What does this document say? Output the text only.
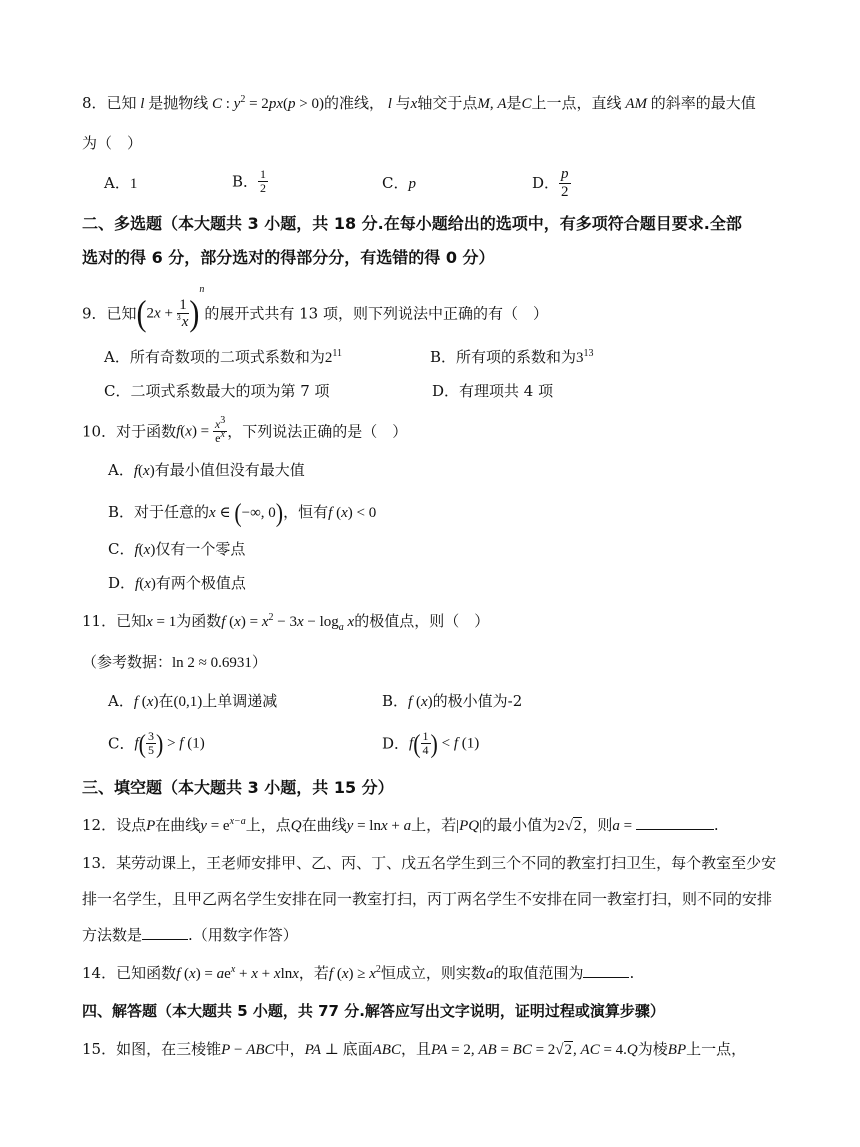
8．已知 l 是抛物线 C : $y^2 = 2px(p > 0)$的准线， l 与x轴交于点M, A是C上一点，直线 AM 的斜率的最大值
为（　）
A．1	B． $\frac{1}{2}$	C．p	D． $\frac{p}{2}$
二、多选题（本大题共 3 小题，共 18 分.在每小题给出的选项中，有多项符合题目要求.全部
选对的得 6 分，部分选对的得部分分，有选错的得 0 分）
9．已知$(2x + \frac{1}{^3x} )^n$的展开式共有 13 项，则下列说法中正确的有（　）
A．所有奇数项的二项式系数和为$2^{11}$	B．所有项的系数和为$3^{13}$
C．二项式系数最大的项为第 7 项	D．有理项共 4 项
10．对于函数$f(x) = \frac{x^3}{e^x}$ ，下列说法正确的是（　）
A．f(x)有最小值但没有最大值
B．对于任意的x ∈ (−∞, 0)，恒有f (x) < 0
C．f(x)仅有一个零点
D．f(x)有两个极值点
11．已知x = 1为函数f $(x) = x^2 - 3x - \log_a x$的极值点，则（　）
（参考数据：ln 2 ≈ 0.6931）
A．f (x)在(0,1)上单调递减	B．f (x)的极小值为-2
C．$f( \frac{3}{5}$ ) > f (1)	D．$f( \frac{1}{4}$ ) < f (1)
三、填空题（本大题共 3 小题，共 15 分）
12．设点P在曲线$y = e^{x-a}$上，点Q在曲线y = lnx + a上，若|PQ|的最小值为2√2，则a =	.
13．某劳动课上，王老师安排甲、乙、丙、丁、戊五名学生到三个不同的教室打扫卫生，每个教室至少安
排一名学生，且甲乙两名学生安排在同一教室打扫，丙丁两名学生不安排在同一教室打扫，则不同的安排
方法数是	.（用数字作答）
14．已知函数f $(x) = ae^x + x + xlnx$，若f $(x) \ge x^2$恒成立，则实数a的取值范围为	.
四、解答题（本大题共 5 小题，共 77 分.解答应写出文字说明，证明过程或演算步骤）
15．如图，在三棱锥P − ABC中，PA ⊥ 底面ABC，且PA = 2, AB = BC = 2√2, AC = 4.Q为棱BP上一点，
